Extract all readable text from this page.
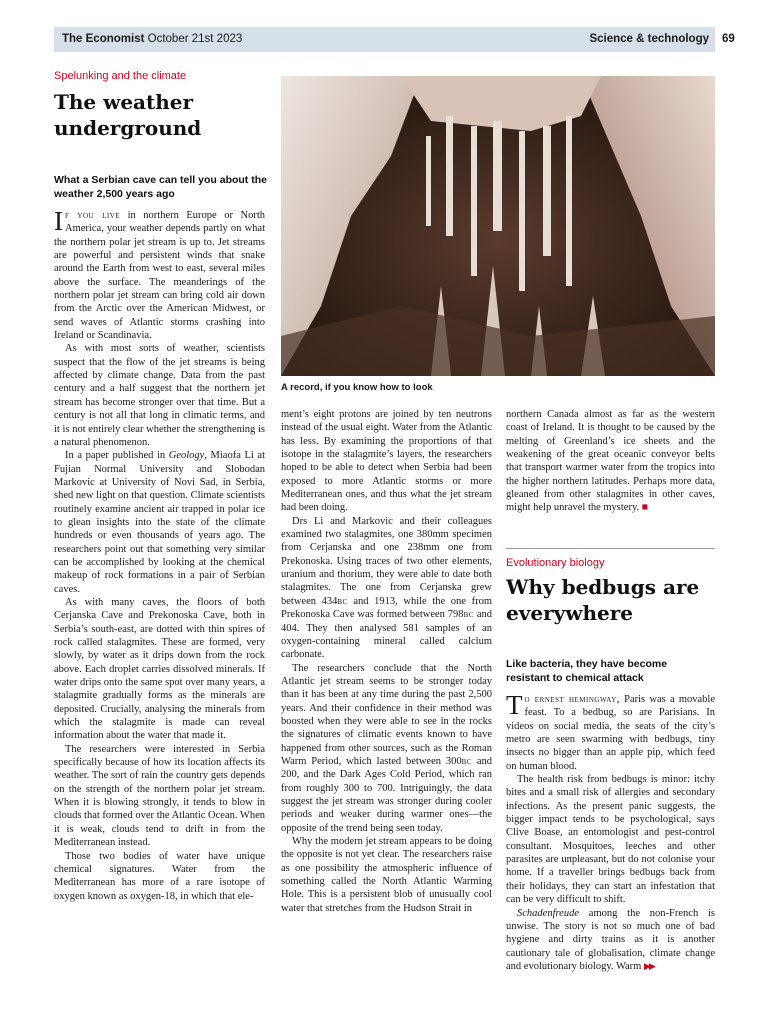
The Economist October 21st 2023	Science & technology 69
Spelunking and the climate
The weather underground
What a Serbian cave can tell you about the weather 2,500 years ago
A record, if you know how to look

If you live in northern Europe or North America, your weather depends partly on what the northern polar jet stream is up to. Jet streams are powerful and persistent winds that snake around the Earth from west to east, several miles above the surface. The meanderings of the northern polar jet stream can bring cold air down from the Arctic over the American Midwest, or send waves of Atlantic storms crashing into Ireland or Scandinavia.

As with most sorts of weather, scientists suspect that the flow of the jet streams is being affected by climate change. Data from the past century and a half suggest that the northern jet stream has become stronger over that time. But a century is not all that long in climatic terms, and it is not entirely clear whether the strengthening is a natural phenomenon.

In a paper published in Geology, Miaofa Li at Fujian Normal University and Slobodan Markovic at University of Novi Sad, in Serbia, shed new light on that question. Climate scientists routinely examine ancient air trapped in polar ice to glean insights into the state of the climate hundreds or even thousands of years ago. The researchers point out that something very similar can be accomplished by looking at the chemical makeup of rock formations in a pair of Serbian caves.

As with many caves, the floors of both Cerjanska Cave and Prekonoska Cave, both in Serbia’s south-east, are dotted with thin spires of rock called stalagmites. These are formed, very slowly, by water as it drips down from the rock above. Each droplet carries dissolved minerals. If water drips onto the same spot over many years, a stalagmite gradually forms as the minerals are deposited. Crucially, analysing the minerals from which the stalagmite is made can reveal information about the water that made it.

The researchers were interested in Serbia specifically because of how its location affects its weather. The sort of rain the country gets depends on the strength of the northern polar jet stream. When it is blowing strongly, it tends to blow in clouds that formed over the Atlantic Ocean. When it is weak, clouds tend to drift in from the Mediterranean instead.

Those two bodies of water have unique chemical signatures. Water from the Mediterranean has more of a rare isotope of oxygen known as oxygen-18, in which that ele-

ment’s eight protons are joined by ten neutrons instead of the usual eight. Water from the Atlantic has less. By examining the proportions of that isotope in the stalagmite’s layers, the researchers hoped to be able to detect when Serbia had been exposed to more Atlantic storms or more Mediterranean ones, and thus what the jet stream had been doing.

Drs Li and Markovic and their colleagues examined two stalagmites, one 380mm specimen from Cerjanska and one 238mm one from Prekonoska. Using traces of two other elements, uranium and thorium, they were able to date both stalagmites. The one from Cerjanska grew between 434bc and 1913, while the one from Prekonoska Cave was formed between 798bc and 404. They then analysed 581 samples of an oxygen-containing mineral called calcium carbonate.

The researchers conclude that the North Atlantic jet stream seems to be stronger today than it has been at any time during the past 2,500 years. And their confidence in their method was boosted when they were able to see in the rocks the signatures of climatic events known to have happened from other sources, such as the Roman Warm Period, which lasted between 300bc and 200, and the Dark Ages Cold Period, which ran from roughly 300 to 700. Intriguingly, the data suggest the jet stream was stronger during cooler periods and weaker during warmer ones—the opposite of the trend being seen today.

Why the modern jet stream appears to be doing the opposite is not yet clear. The researchers raise as one possibility the atmospheric influence of something called the North Atlantic Warming Hole. This is a persistent blob of unusually cool water that stretches from the Hudson Strait in

northern Canada almost as far as the western coast of Ireland. It is thought to be caused by the melting of Greenland’s ice sheets and the weakening of the great oceanic conveyor belts that transport warmer water from the tropics into the higher northern latitudes. Perhaps more data, gleaned from other stalagmites in other caves, might help unravel the mystery. ■

Evolutionary biology
Why bedbugs are everywhere
Like bacteria, they have become resistant to chemical attack

To ernest hemingway, Paris was a movable feast. To a bedbug, so are Parisians. In videos on social media, the seats of the city’s metro are seen swarming with bedbugs, tiny insects no bigger than an apple pip, which feed on human blood.

The health risk from bedbugs is minor: itchy bites and a small risk of allergies and secondary infections. As the present panic suggests, the bigger impact tends to be psychological, says Clive Boase, an entomologist and pest-control consultant. Mosquitoes, leeches and other parasites are unpleasant, but do not colonise your home. If a traveller brings bedbugs back from their holidays, they can start an infestation that can be very difficult to shift.

Schadenfreude among the non-French is unwise. The story is not so much one of bad hygiene and dirty trains as it is another cautionary tale of globalisation, climate change and evolutionary biology. Warm ▶▶
